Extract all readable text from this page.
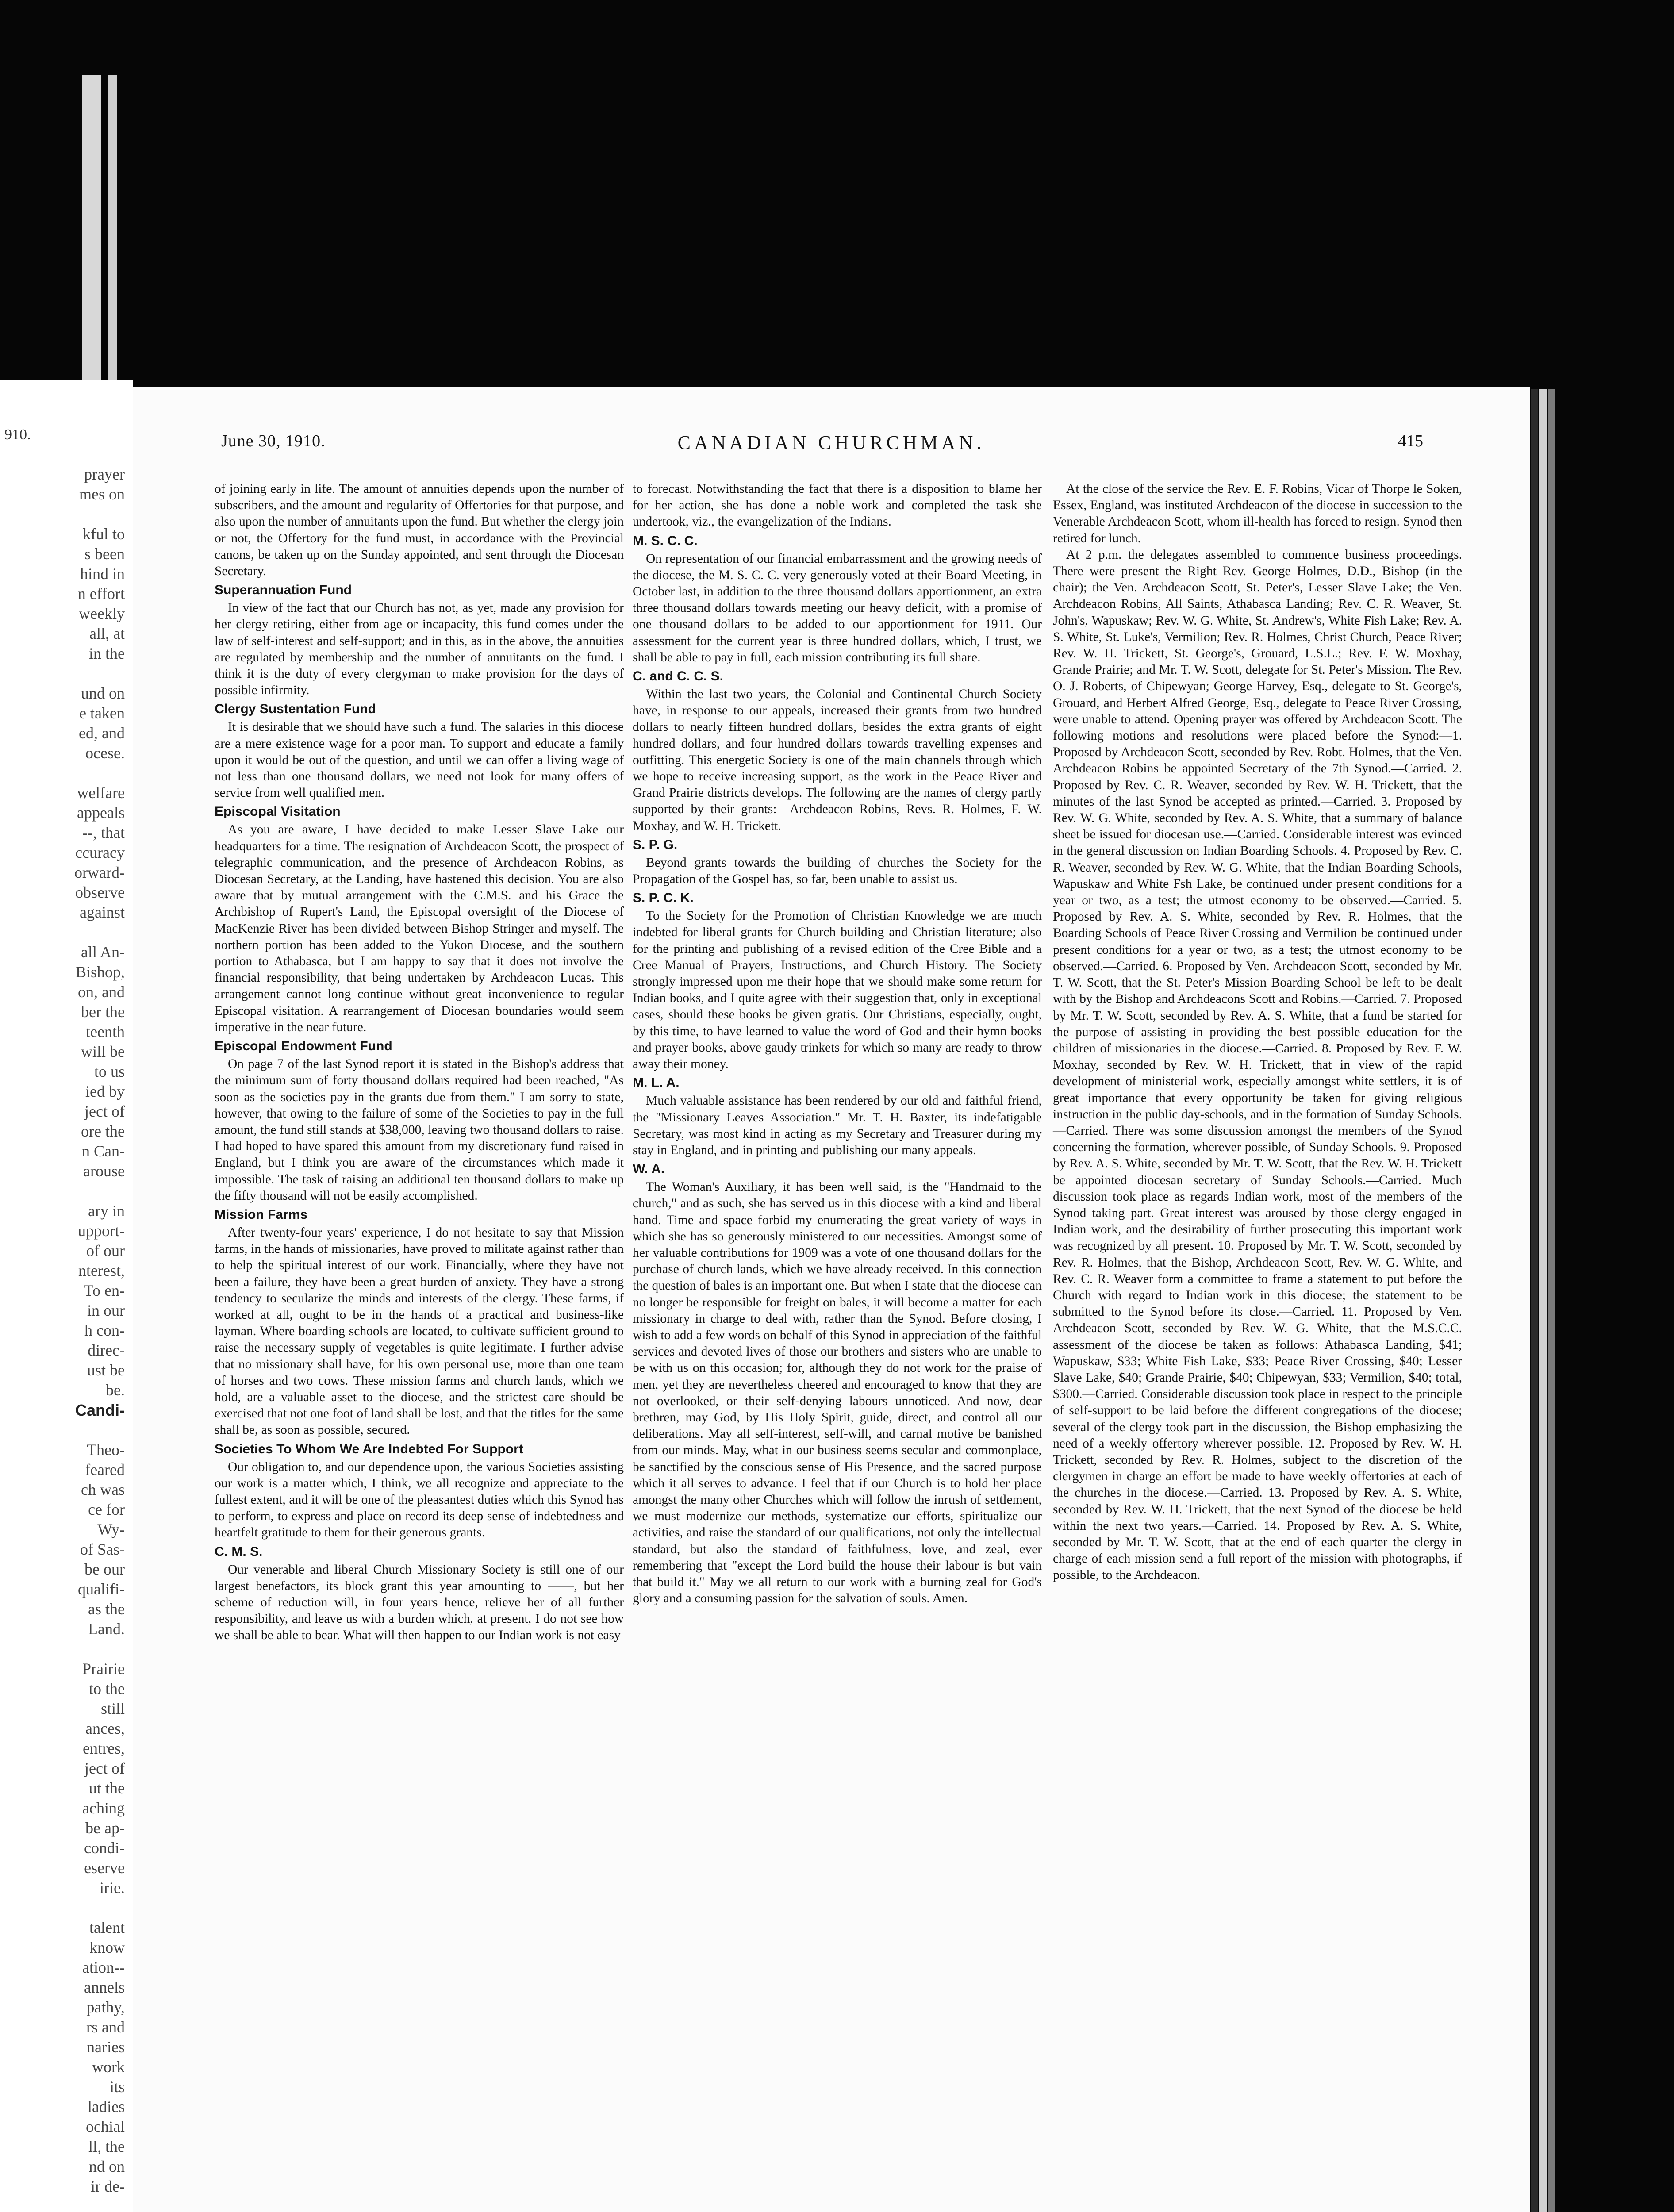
910.
prayer
mes on

kful to
s been
hind in
n effort
weekly
all, at
in the

und on
e taken
ed, and
ocese.

welfare
appeals
--, that
ccuracy
orward-
observe
against

all An-
Bishop,
on, and
ber the
teenth
will be
to us
ied by
ject of
ore the
n Can-
arouse

ary in
upport-
of our
nterest,
To en-
in our
h con-
direc-
ust be
be.
Candi-

Theo-
feared
ch was
ce for
Wy-
of Sas-
be our
qualifi-
as the
Land.

Prairie
to the
still
ances,
entres,
ject of
ut the
aching
be ap-
condi-
eserve
irie.

talent
know
ation--
annels
pathy,
rs and
naries
work
its
ladies
ochial
ll, the
nd on
ir de-

June 30, 1910.	CANADIAN CHURCHMAN.	415

of joining early in life. The amount of annuities depends upon the number of subscribers, and the amount and regularity of Offertories for that purpose, and also upon the number of annuitants upon the fund. But whether the clergy join or not, the Offertory for the fund must, in accordance with the Provincial canons, be taken up on the Sunday appointed, and sent through the Diocesan Secretary.

Superannuation Fund

In view of the fact that our Church has not, as yet, made any provision for her clergy retiring, either from age or incapacity, this fund comes under the law of self-interest and self-support; and in this, as in the above, the annuities are regulated by membership and the number of annuitants on the fund. I think it is the duty of every clergyman to make provision for the days of possible infirmity.

Clergy Sustentation Fund

It is desirable that we should have such a fund. The salaries in this diocese are a mere existence wage for a poor man. To support and educate a family upon it would be out of the question, and until we can offer a living wage of not less than one thousand dollars, we need not look for many offers of service from well qualified men.

Episcopal Visitation

As you are aware, I have decided to make Lesser Slave Lake our headquarters for a time. The resignation of Archdeacon Scott, the prospect of telegraphic communication, and the presence of Archdeacon Robins, as Diocesan Secretary, at the Landing, have hastened this decision. You are also aware that by mutual arrangement with the C.M.S. and his Grace the Archbishop of Rupert's Land, the Episcopal oversight of the Diocese of MacKenzie River has been divided between Bishop Stringer and myself. The northern portion has been added to the Yukon Diocese, and the southern portion to Athabasca, but I am happy to say that it does not involve the financial responsibility, that being undertaken by Archdeacon Lucas. This arrangement cannot long continue without great inconvenience to regular Episcopal visitation. A rearrangement of Diocesan boundaries would seem imperative in the near future.

Episcopal Endowment Fund

On page 7 of the last Synod report it is stated in the Bishop's address that the minimum sum of forty thousand dollars required had been reached, "As soon as the societies pay in the grants due from them." I am sorry to state, however, that owing to the failure of some of the Societies to pay in the full amount, the fund still stands at $38,000, leaving two thousand dollars to raise. I had hoped to have spared this amount from my discretionary fund raised in England, but I think you are aware of the circumstances which made it impossible. The task of raising an additional ten thousand dollars to make up the fifty thousand will not be easily accomplished.

Mission Farms

After twenty-four years' experience, I do not hesitate to say that Mission farms, in the hands of missionaries, have proved to militate against rather than to help the spiritual interest of our work. Financially, where they have not been a failure, they have been a great burden of anxiety. They have a strong tendency to secularize the minds and interests of the clergy. These farms, if worked at all, ought to be in the hands of a practical and business-like layman. Where boarding schools are located, to cultivate sufficient ground to raise the necessary supply of vegetables is quite legitimate. I further advise that no missionary shall have, for his own personal use, more than one team of horses and two cows. These mission farms and church lands, which we hold, are a valuable asset to the diocese, and the strictest care should be exercised that not one foot of land shall be lost, and that the titles for the same shall be, as soon as possible, secured.

Societies To Whom We Are Indebted For Support

Our obligation to, and our dependence upon, the various Societies assisting our work is a matter which, I think, we all recognize and appreciate to the fullest extent, and it will be one of the pleasantest duties which this Synod has to perform, to express and place on record its deep sense of indebtedness and heartfelt gratitude to them for their generous grants.

C. M. S.

Our venerable and liberal Church Missionary Society is still one of our largest benefactors, its block grant this year amounting to ——, but her scheme of reduction will, in four years hence, relieve her of all further responsibility, and leave us with a burden which, at present, I do not see how we shall be able to bear. What will then happen to our Indian work is not easy

to forecast. Notwithstanding the fact that there is a disposition to blame her for her action, she has done a noble work and completed the task she undertook, viz., the evangelization of the Indians.

M. S. C. C.

On representation of our financial embarrassment and the growing needs of the diocese, the M. S. C. C. very generously voted at their Board Meeting, in October last, in addition to the three thousand dollars apportionment, an extra three thousand dollars towards meeting our heavy deficit, with a promise of one thousand dollars to be added to our apportionment for 1911. Our assessment for the current year is three hundred dollars, which, I trust, we shall be able to pay in full, each mission contributing its full share.

C. and C. C. S.

Within the last two years, the Colonial and Continental Church Society have, in response to our appeals, increased their grants from two hundred dollars to nearly fifteen hundred dollars, besides the extra grants of eight hundred dollars, and four hundred dollars towards travelling expenses and outfitting. This energetic Society is one of the main channels through which we hope to receive increasing support, as the work in the Peace River and Grand Prairie districts develops. The following are the names of clergy partly supported by their grants:—Archdeacon Robins, Revs. R. Holmes, F. W. Moxhay, and W. H. Trickett.

S. P. G.

Beyond grants towards the building of churches the Society for the Propagation of the Gospel has, so far, been unable to assist us.

S. P. C. K.

To the Society for the Promotion of Christian Knowledge we are much indebted for liberal grants for Church building and Christian literature; also for the printing and publishing of a revised edition of the Cree Bible and a Cree Manual of Prayers, Instructions, and Church History. The Society strongly impressed upon me their hope that we should make some return for Indian books, and I quite agree with their suggestion that, only in exceptional cases, should these books be given gratis. Our Christians, especially, ought, by this time, to have learned to value the word of God and their hymn books and prayer books, above gaudy trinkets for which so many are ready to throw away their money.

M. L. A.

Much valuable assistance has been rendered by our old and faithful friend, the "Missionary Leaves Association." Mr. T. H. Baxter, its indefatigable Secretary, was most kind in acting as my Secretary and Treasurer during my stay in England, and in printing and publishing our many appeals.

W. A.

The Woman's Auxiliary, it has been well said, is the "Handmaid to the church," and as such, she has served us in this diocese with a kind and liberal hand. Time and space forbid my enumerating the great variety of ways in which she has so generously ministered to our necessities. Amongst some of her valuable contributions for 1909 was a vote of one thousand dollars for the purchase of church lands, which we have already received. In this connection the question of bales is an important one. But when I state that the diocese can no longer be responsible for freight on bales, it will become a matter for each missionary in charge to deal with, rather than the Synod. Before closing, I wish to add a few words on behalf of this Synod in appreciation of the faithful services and devoted lives of those our brothers and sisters who are unable to be with us on this occasion; for, although they do not work for the praise of men, yet they are nevertheless cheered and encouraged to know that they are not overlooked, or their self-denying labours unnoticed. And now, dear brethren, may God, by His Holy Spirit, guide, direct, and control all our deliberations. May all self-interest, self-will, and carnal motive be banished from our minds. May, what in our business seems secular and commonplace, be sanctified by the conscious sense of His Presence, and the sacred purpose which it all serves to advance. I feel that if our Church is to hold her place amongst the many other Churches which will follow the inrush of settlement, we must modernize our methods, systematize our efforts, spiritualize our activities, and raise the standard of our qualifications, not only the intellectual standard, but also the standard of faithfulness, love, and zeal, ever remembering that "except the Lord build the house their labour is but vain that build it." May we all return to our work with a burning zeal for God's glory and a consuming passion for the salvation of souls. Amen.

At the close of the service the Rev. E. F. Robins, Vicar of Thorpe le Soken, Essex, England, was instituted Archdeacon of the diocese in succession to the Venerable Archdeacon Scott, whom ill-health has forced to resign. Synod then retired for lunch.

At 2 p.m. the delegates assembled to commence business proceedings. There were present the Right Rev. George Holmes, D.D., Bishop (in the chair); the Ven. Archdeacon Scott, St. Peter's, Lesser Slave Lake; the Ven. Archdeacon Robins, All Saints, Athabasca Landing; Rev. C. R. Weaver, St. John's, Wapuskaw; Rev. W. G. White, St. Andrew's, White Fish Lake; Rev. A. S. White, St. Luke's, Vermilion; Rev. R. Holmes, Christ Church, Peace River; Rev. W. H. Trickett, St. George's, Grouard, L.S.L.; Rev. F. W. Moxhay, Grande Prairie; and Mr. T. W. Scott, delegate for St. Peter's Mission. The Rev. O. J. Roberts, of Chipewyan; George Harvey, Esq., delegate to St. George's, Grouard, and Herbert Alfred George, Esq., delegate to Peace River Crossing, were unable to attend. Opening prayer was offered by Archdeacon Scott. The following motions and resolutions were placed before the Synod:—1. Proposed by Archdeacon Scott, seconded by Rev. Robt. Holmes, that the Ven. Archdeacon Robins be appointed Secretary of the 7th Synod.—Carried. 2. Proposed by Rev. C. R. Weaver, seconded by Rev. W. H. Trickett, that the minutes of the last Synod be accepted as printed.—Carried. 3. Proposed by Rev. W. G. White, seconded by Rev. A. S. White, that a summary of balance sheet be issued for diocesan use.—Carried. Considerable interest was evinced in the general discussion on Indian Boarding Schools. 4. Proposed by Rev. C. R. Weaver, seconded by Rev. W. G. White, that the Indian Boarding Schools, Wapuskaw and White Fsh Lake, be continued under present conditions for a year or two, as a test; the utmost economy to be observed.—Carried. 5. Proposed by Rev. A. S. White, seconded by Rev. R. Holmes, that the Boarding Schools of Peace River Crossing and Vermilion be continued under present conditions for a year or two, as a test; the utmost economy to be observed.—Carried. 6. Proposed by Ven. Archdeacon Scott, seconded by Mr. T. W. Scott, that the St. Peter's Mission Boarding School be left to be dealt with by the Bishop and Archdeacons Scott and Robins.—Carried. 7. Proposed by Mr. T. W. Scott, seconded by Rev. A. S. White, that a fund be started for the purpose of assisting in providing the best possible education for the children of missionaries in the diocese.—Carried. 8. Proposed by Rev. F. W. Moxhay, seconded by Rev. W. H. Trickett, that in view of the rapid development of ministerial work, especially amongst white settlers, it is of great importance that every opportunity be taken for giving religious instruction in the public day-schools, and in the formation of Sunday Schools.—Carried. There was some discussion amongst the members of the Synod concerning the formation, wherever possible, of Sunday Schools. 9. Proposed by Rev. A. S. White, seconded by Mr. T. W. Scott, that the Rev. W. H. Trickett be appointed diocesan secretary of Sunday Schools.—Carried. Much discussion took place as regards Indian work, most of the members of the Synod taking part. Great interest was aroused by those clergy engaged in Indian work, and the desirability of further prosecuting this important work was recognized by all present. 10. Proposed by Mr. T. W. Scott, seconded by Rev. R. Holmes, that the Bishop, Archdeacon Scott, Rev. W. G. White, and Rev. C. R. Weaver form a committee to frame a statement to put before the Church with regard to Indian work in this diocese; the statement to be submitted to the Synod before its close.—Carried. 11. Proposed by Ven. Archdeacon Scott, seconded by Rev. W. G. White, that the M.S.C.C. assessment of the diocese be taken as follows: Athabasca Landing, $41; Wapuskaw, $33; White Fish Lake, $33; Peace River Crossing, $40; Lesser Slave Lake, $40; Grande Prairie, $40; Chipewyan, $33; Vermilion, $40; total, $300.—Carried. Considerable discussion took place in respect to the principle of self-support to be laid before the different congregations of the diocese; several of the clergy took part in the discussion, the Bishop emphasizing the need of a weekly offertory wherever possible. 12. Proposed by Rev. W. H. Trickett, seconded by Rev. R. Holmes, subject to the discretion of the clergymen in charge an effort be made to have weekly offertories at each of the churches in the diocese.—Carried. 13. Proposed by Rev. A. S. White, seconded by Rev. W. H. Trickett, that the next Synod of the diocese be held within the next two years.—Carried. 14. Proposed by Rev. A. S. White, seconded by Mr. T. W. Scott, that at the end of each quarter the clergy in charge of each mission send a full report of the mission with photographs, if possible, to the Archdeacon.
